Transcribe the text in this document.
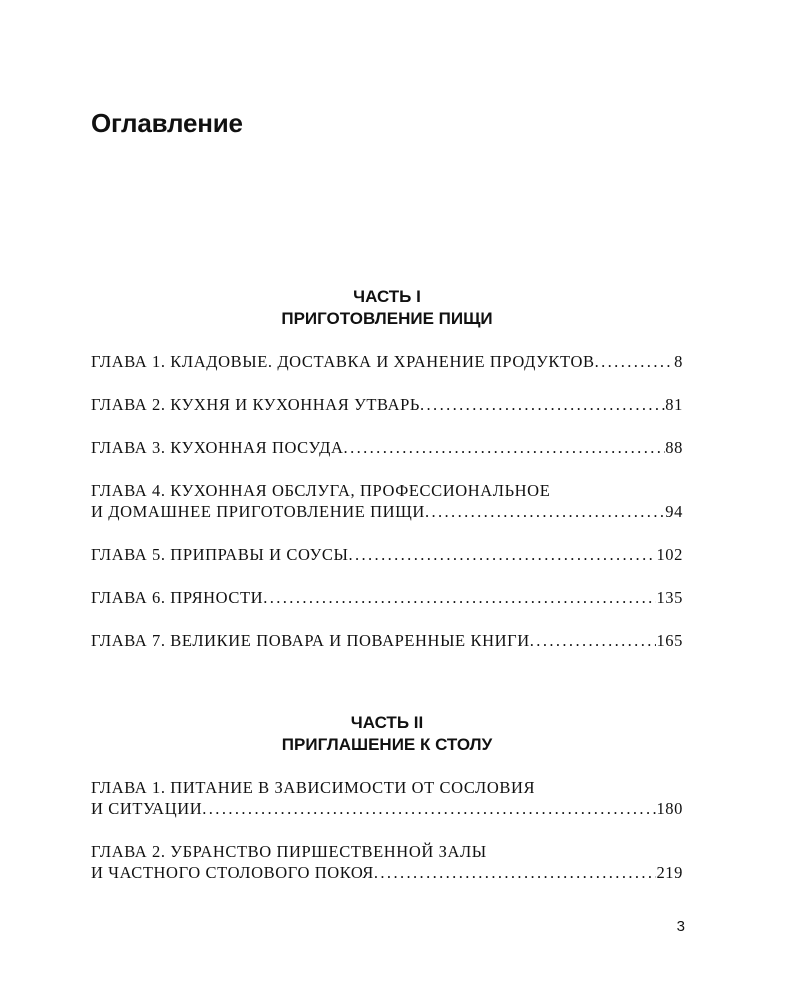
Оглавление
ЧАСТЬ I
ПРИГОТОВЛЕНИЕ ПИЩИ
ГЛАВА 1. КЛАДОВЫЕ. ДОСТАВКА И ХРАНЕНИЕ ПРОДУКТОВ .....	8
ГЛАВА 2. КУХНЯ И КУХОННАЯ УТВАРЬ .....	81
ГЛАВА 3. КУХОННАЯ ПОСУДА .....	88
ГЛАВА 4. КУХОННАЯ ОБСЛУГА, ПРОФЕССИОНАЛЬНОЕ
И ДОМАШНЕЕ ПРИГОТОВЛЕНИЕ ПИЩИ .....	94
ГЛАВА 5. ПРИПРАВЫ И СОУСЫ .....	102
ГЛАВА 6. ПРЯНОСТИ .....	135
ГЛАВА 7. ВЕЛИКИЕ ПОВАРА И ПОВАРЕННЫЕ КНИГИ .....	165
ЧАСТЬ II
ПРИГЛАШЕНИЕ К СТОЛУ
ГЛАВА 1. ПИТАНИЕ В ЗАВИСИМОСТИ ОТ СОСЛОВИЯ
И СИТУАЦИИ .....	180
ГЛАВА 2. УБРАНСТВО ПИРШЕСТВЕННОЙ ЗАЛЫ
И ЧАСТНОГО СТОЛОВОГО ПОКОЯ .....	219
3
